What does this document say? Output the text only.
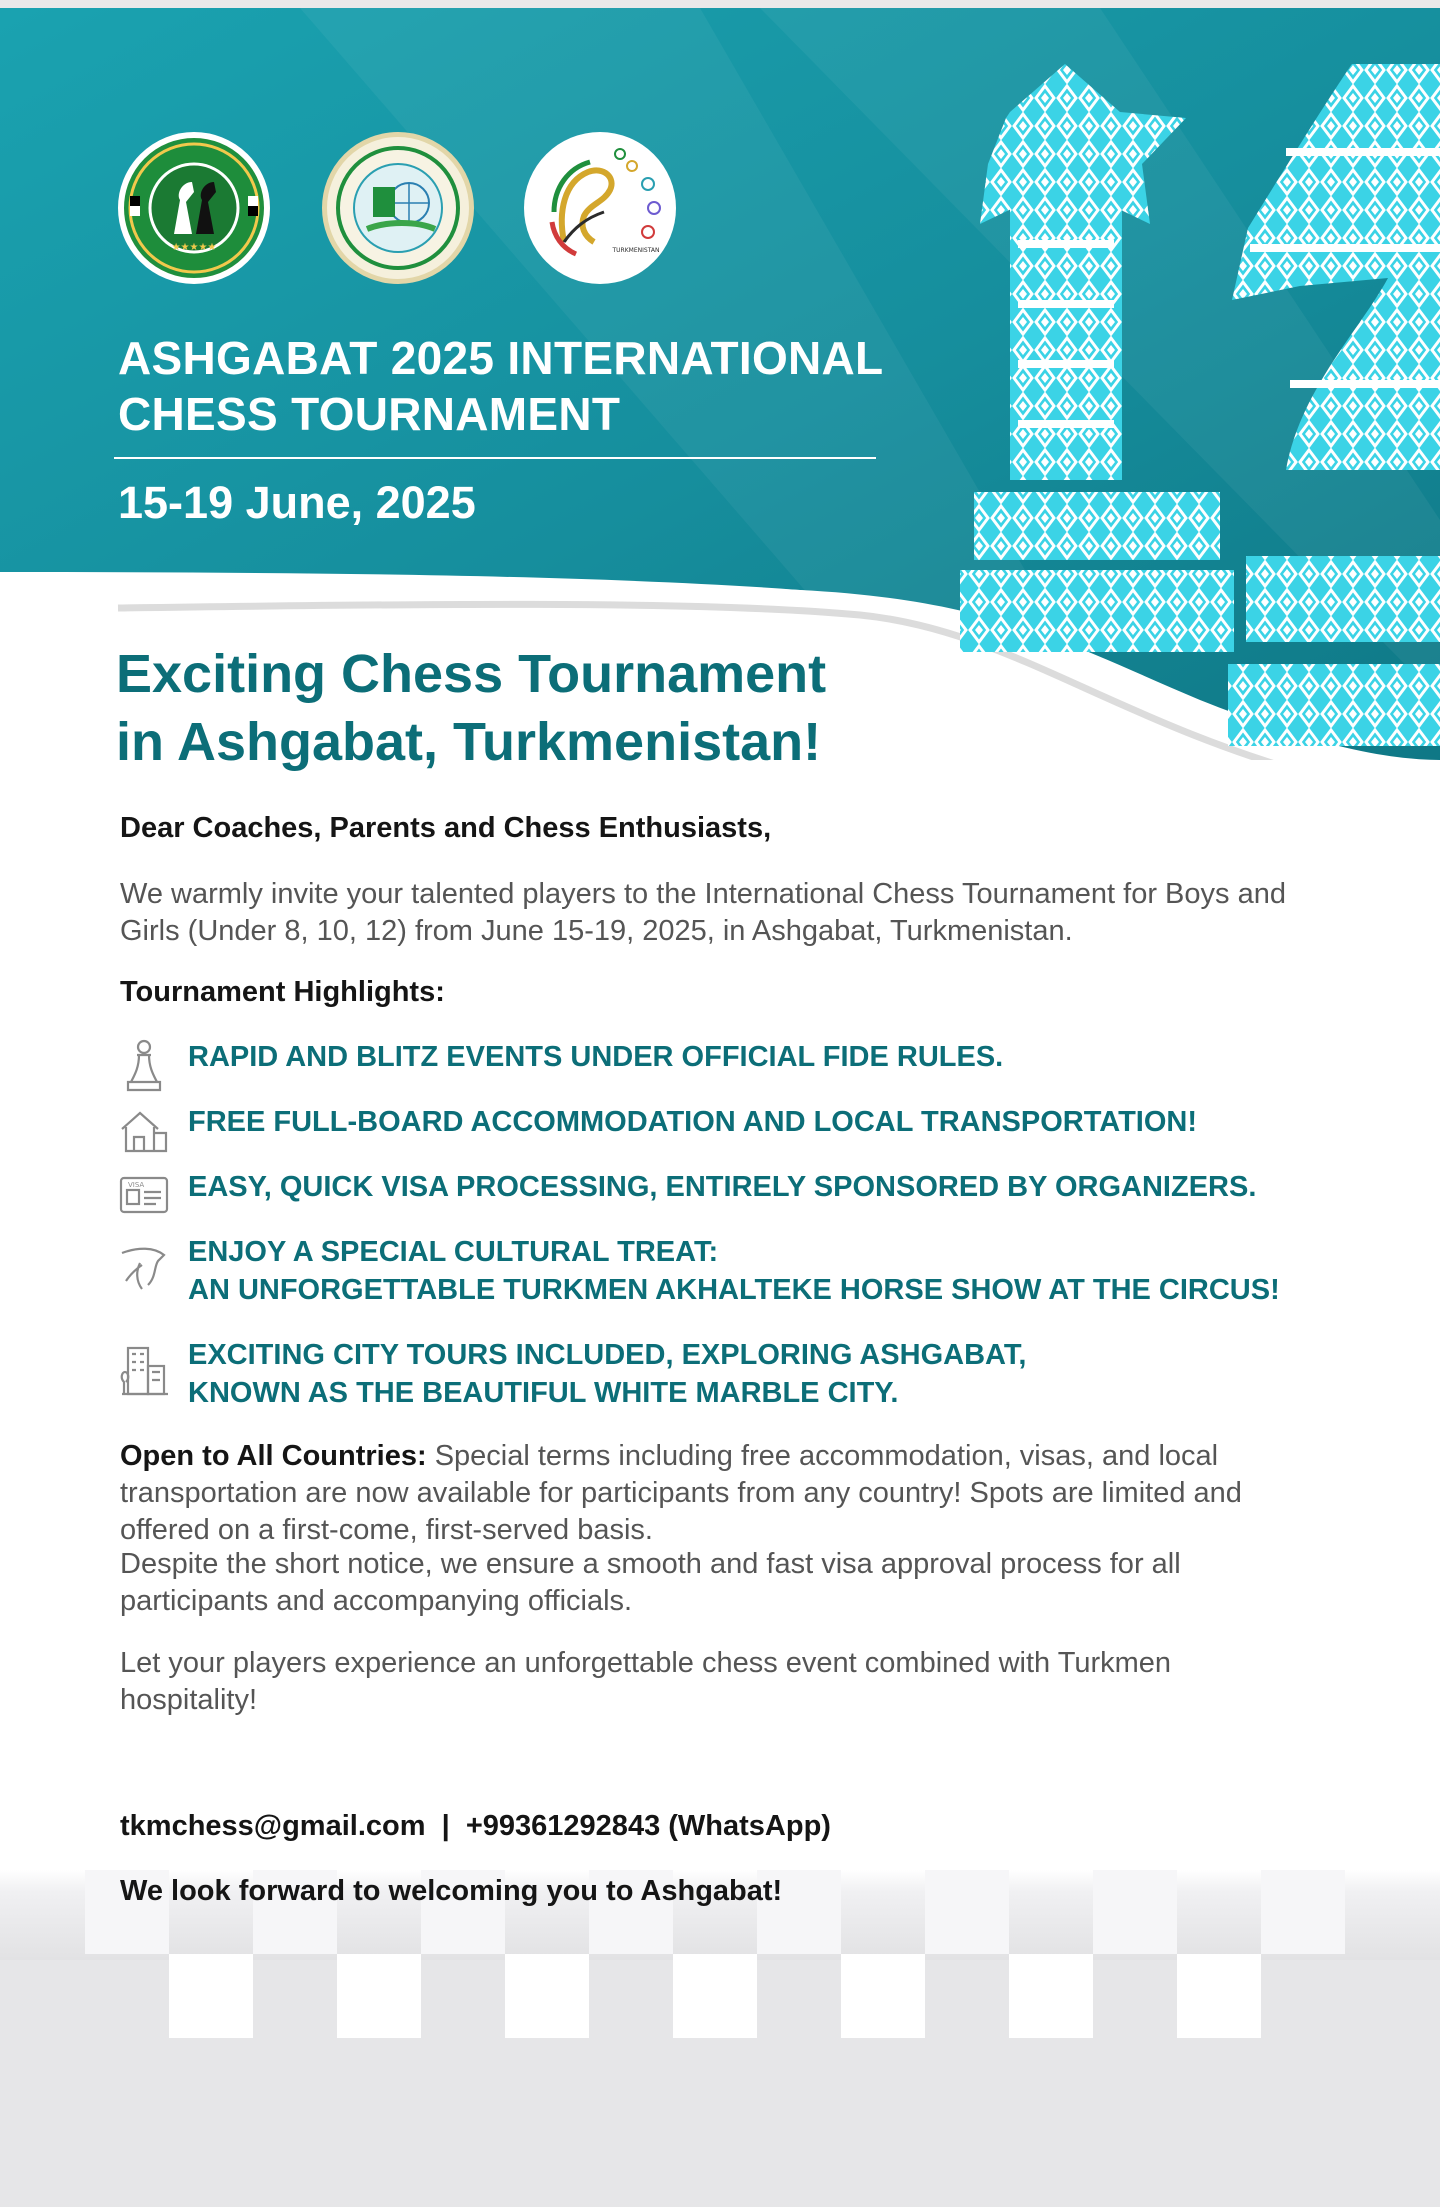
★★★★★	TURKMENISTAN
ASHGABAT 2025 INTERNATIONAL
CHESS TOURNAMENT
15-19 June, 2025
Exciting Chess Tournament
in Ashgabat, Turkmenistan!
Dear Coaches, Parents and Chess Enthusiasts,
We warmly invite your talented players to the International Chess Tournament for Boys and Girls (Under 8, 10, 12) from June 15-19, 2025, in Ashgabat, Turkmenistan.
Tournament Highlights:
RAPID AND BLITZ EVENTS UNDER OFFICIAL FIDE RULES.
FREE FULL-BOARD ACCOMMODATION AND LOCAL TRANSPORTATION!
VISA EASY, QUICK VISA PROCESSING, ENTIRELY SPONSORED BY ORGANIZERS.
ENJOY A SPECIAL CULTURAL TREAT:
AN UNFORGETTABLE TURKMEN AKHALTEKE HORSE SHOW AT THE CIRCUS!
EXCITING CITY TOURS INCLUDED, EXPLORING ASHGABAT,
KNOWN AS THE BEAUTIFUL WHITE MARBLE CITY.
Open to All Countries: Special terms including free accommodation, visas, and local transportation are now available for participants from any country! Spots are limited and offered on a first-come, first-served basis.
Despite the short notice, we ensure a smooth and fast visa approval process for all participants and accompanying officials.
Let your players experience an unforgettable chess event combined with Turkmen hospitality!
tkmchess@gmail.com  |  +99361292843 (WhatsApp)
We look forward to welcoming you to Ashgabat!
